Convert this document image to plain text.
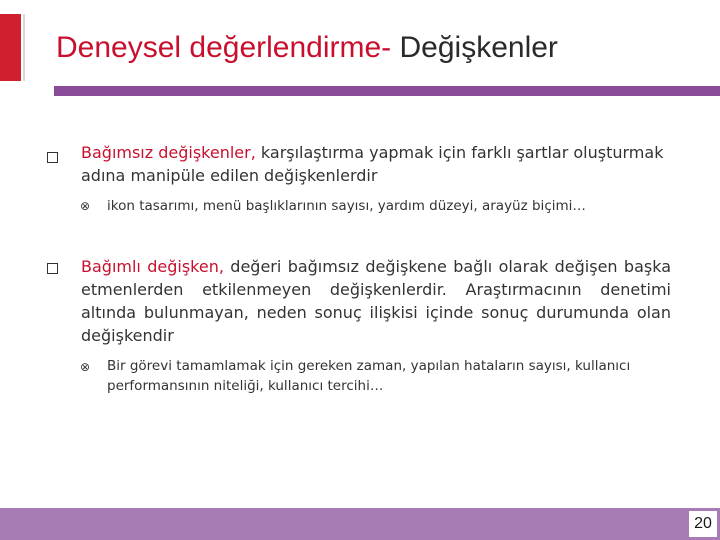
Deneysel değerlendirme- Değişkenler

Bağımsız değişkenler, karşılaştırma yapmak için farklı şartlar oluşturmak adına manipüle edilen değişkenlerdir

⊗ ikon tasarımı, menü başlıklarının sayısı, yardım düzeyi, arayüz biçimi…

Bağımlı değişken, değeri bağımsız değişkene bağlı olarak değişen başka etmenlerden etkilenmeyen değişkenlerdir. Araştırmacının denetimi altında bulunmayan, neden sonuç ilişkisi içinde sonuç durumunda olan değişkendir

⊗ Bir görevi tamamlamak için gereken zaman, yapılan hataların sayısı, kullanıcı performansının niteliği, kullanıcı tercihi…

20
